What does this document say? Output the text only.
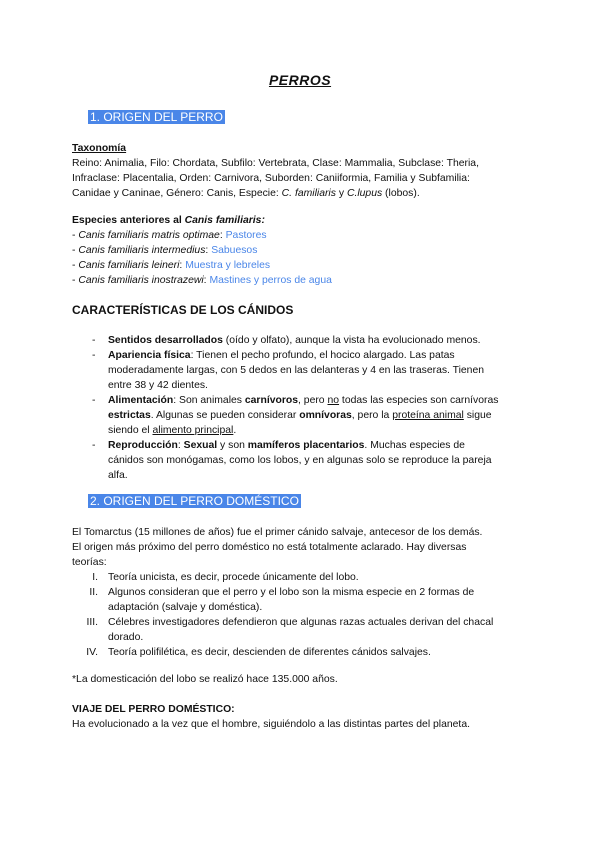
PERROS
1. ORIGEN DEL PERRO

Taxonomía

Reino: Animalia, Filo: Chordata, Subfilo: Vertebrata, Clase: Mammalia, Subclase: Theria,

Infraclase: Placentalia, Orden: Carnivora, Suborden: Caniiformia, Familia y Subfamilia:

Canidae y Caninae, Género: Canis, Especie: C. familiaris y C.lupus (lobos).

Especies anteriores al Canis familiaris:

- Canis familiaris matris optimae: Pastores

- Canis familiaris intermedius: Sabuesos

- Canis familiaris leineri: Muestra y lebreles

- Canis familiaris inostrazewi: Mastines y perros de agua

CARACTERÍSTICAS DE LOS CÁNIDOS
- Sentidos desarrollados (oído y olfato), aunque la vista ha evolucionado menos.

- Apariencia física: Tienen el pecho profundo, el hocico alargado. Las patas

moderadamente largas, con 5 dedos en las delanteras y 4 en las traseras. Tienen

entre 38 y 42 dientes.

- Alimentación: Son animales carnívoros, pero no todas las especies son carnívoras

estrictas. Algunas se pueden considerar omnívoras, pero la proteína animal sigue

siendo el alimento principal.

- Reproducción: Sexual y son mamíferos placentarios. Muchas especies de

cánidos son monógamas, como los lobos, y en algunas solo se reproduce la pareja

alfa.

2. ORIGEN DEL PERRO DOMÉSTICO

El Tomarctus (15 millones de años) fue el primer cánido salvaje, antecesor de los demás.

El origen más próximo del perro doméstico no está totalmente aclarado. Hay diversas

teorías:

I. Teoría unicista, es decir, procede únicamente del lobo.

II. Algunos consideran que el perro y el lobo son la misma especie en 2 formas de

adaptación (salvaje y doméstica).

III. Célebres investigadores defendieron que algunas razas actuales derivan del chacal

dorado.

IV. Teoría polifilética, es decir, descienden de diferentes cánidos salvajes.

*La domesticación del lobo se realizó hace 135.000 años.

VIAJE DEL PERRO DOMÉSTICO:

Ha evolucionado a la vez que el hombre, siguiéndolo a las distintas partes del planeta.
